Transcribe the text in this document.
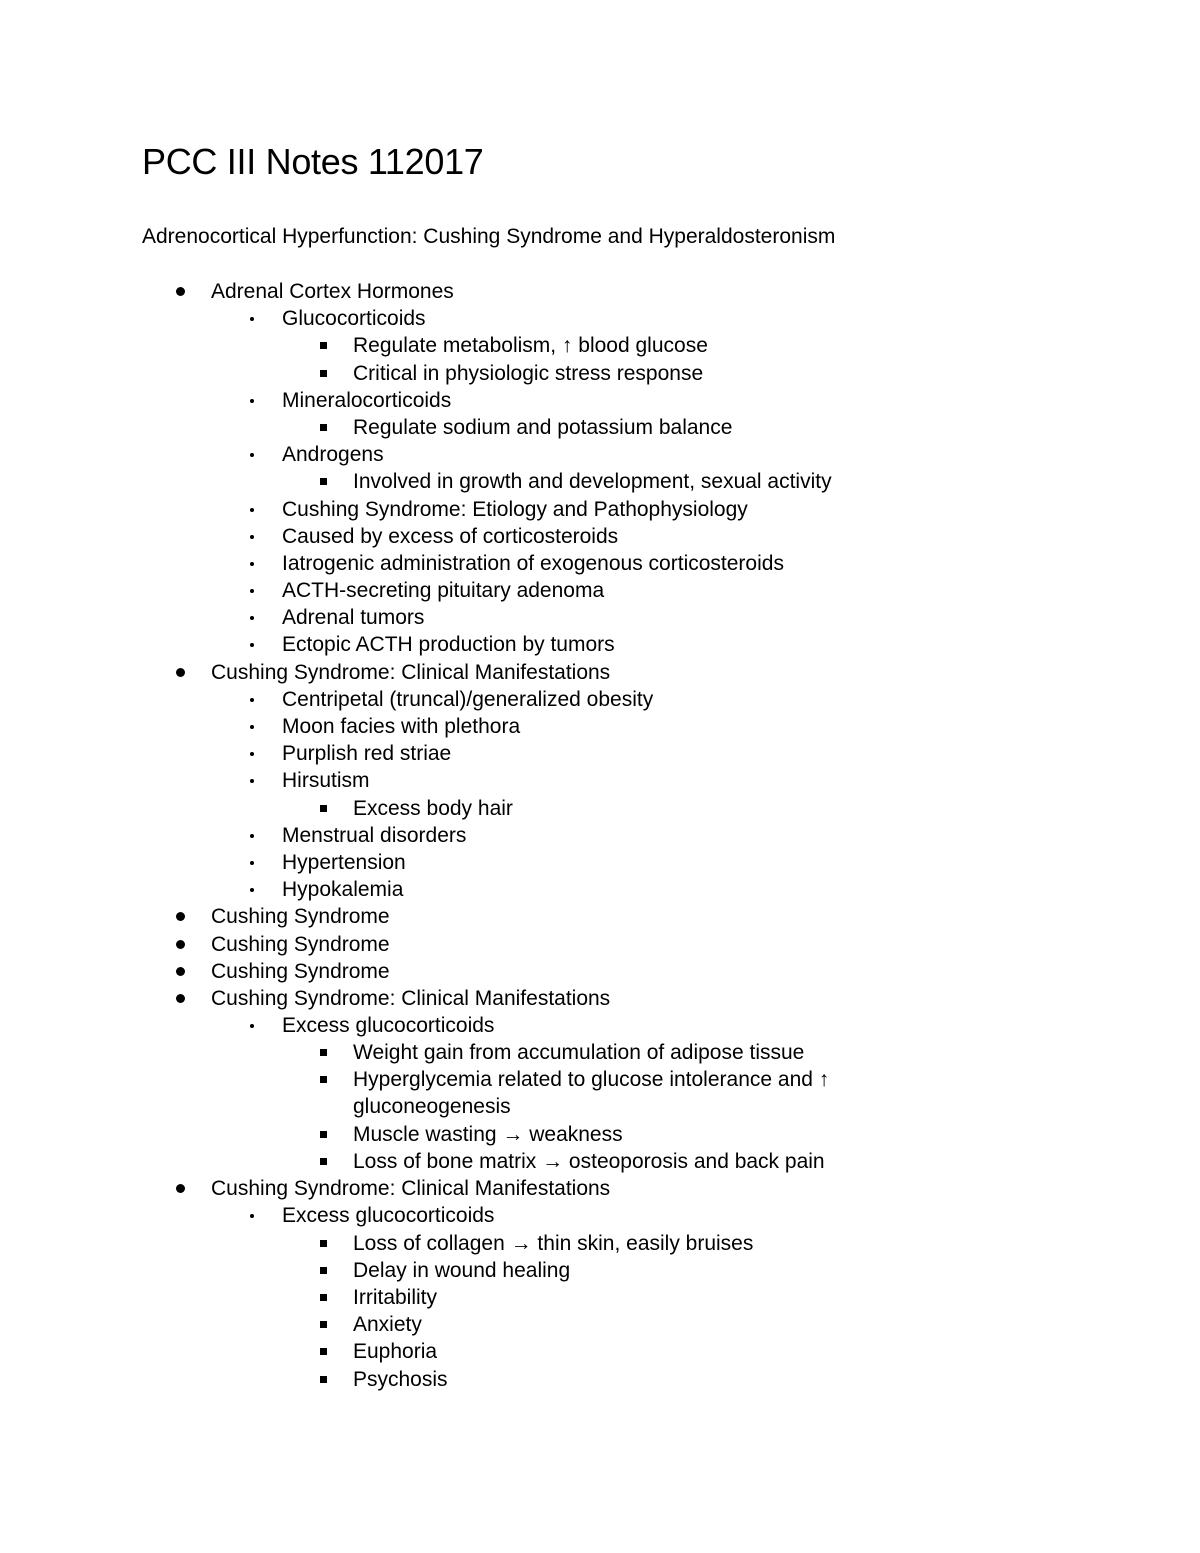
PCC III Notes 112017
Adrenocortical Hyperfunction: Cushing Syndrome and Hyperaldosteronism
Adrenal Cortex Hormones
Glucocorticoids
Regulate metabolism, ↑ blood glucose
Critical in physiologic stress response
Mineralocorticoids
Regulate sodium and potassium balance
Androgens
Involved in growth and development, sexual activity
Cushing Syndrome: Etiology and Pathophysiology
Caused by excess of corticosteroids
Iatrogenic administration of exogenous corticosteroids
ACTH-secreting pituitary adenoma
Adrenal tumors
Ectopic ACTH production by tumors
Cushing Syndrome: Clinical Manifestations
Centripetal (truncal)/generalized obesity
Moon facies with plethora
Purplish red striae
Hirsutism
Excess body hair
Menstrual disorders
Hypertension
Hypokalemia
Cushing Syndrome
Cushing Syndrome
Cushing Syndrome
Cushing Syndrome: Clinical Manifestations
Excess glucocorticoids
Weight gain from accumulation of adipose tissue
Hyperglycemia related to glucose intolerance and ↑
gluconeogenesis
Muscle wasting → weakness
Loss of bone matrix → osteoporosis and back pain
Cushing Syndrome: Clinical Manifestations
Excess glucocorticoids
Loss of collagen → thin skin, easily bruises
Delay in wound healing
Irritability
Anxiety
Euphoria
Psychosis
